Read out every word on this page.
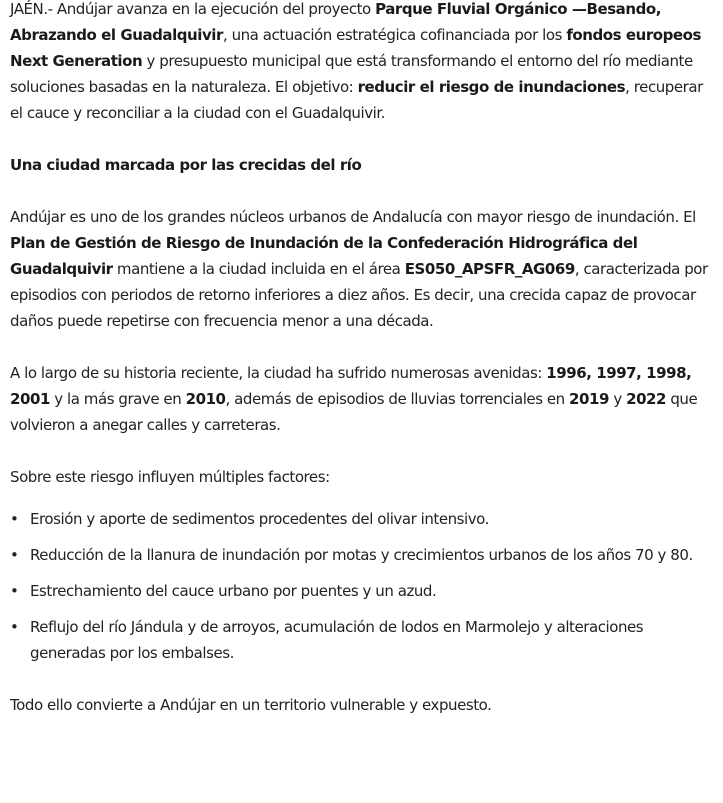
JAÉN.- Andújar avanza en la ejecución del proyecto Parque Fluvial Orgánico —Besando, Abrazando el Guadalquivir, una actuación estratégica cofinanciada por los fondos europeos Next Generation y presupuesto municipal que está transformando el entorno del río mediante soluciones basadas en la naturaleza. El objetivo: reducir el riesgo de inundaciones, recuperar el cauce y reconciliar a la ciudad con el Guadalquivir.

Una ciudad marcada por las crecidas del río

Andújar es uno de los grandes núcleos urbanos de Andalucía con mayor riesgo de inundación. El Plan de Gestión de Riesgo de Inundación de la Confederación Hidrográfica del Guadalquivir mantiene a la ciudad incluida en el área ES050_APSFR_AG069, caracterizada por episodios con periodos de retorno inferiores a diez años. Es decir, una crecida capaz de provocar daños puede repetirse con frecuencia menor a una década.

A lo largo de su historia reciente, la ciudad ha sufrido numerosas avenidas: 1996, 1997, 1998, 2001 y la más grave en 2010, además de episodios de lluvias torrenciales en 2019 y 2022 que volvieron a anegar calles y carreteras.

Sobre este riesgo influyen múltiples factores:

• Erosión y aporte de sedimentos procedentes del olivar intensivo.
• Reducción de la llanura de inundación por motas y crecimientos urbanos de los años 70 y 80.
• Estrechamiento del cauce urbano por puentes y un azud.
• Reflujo del río Jándula y de arroyos, acumulación de lodos en Marmolejo y alteraciones generadas por los embalses.

Todo ello convierte a Andújar en un territorio vulnerable y expuesto.
